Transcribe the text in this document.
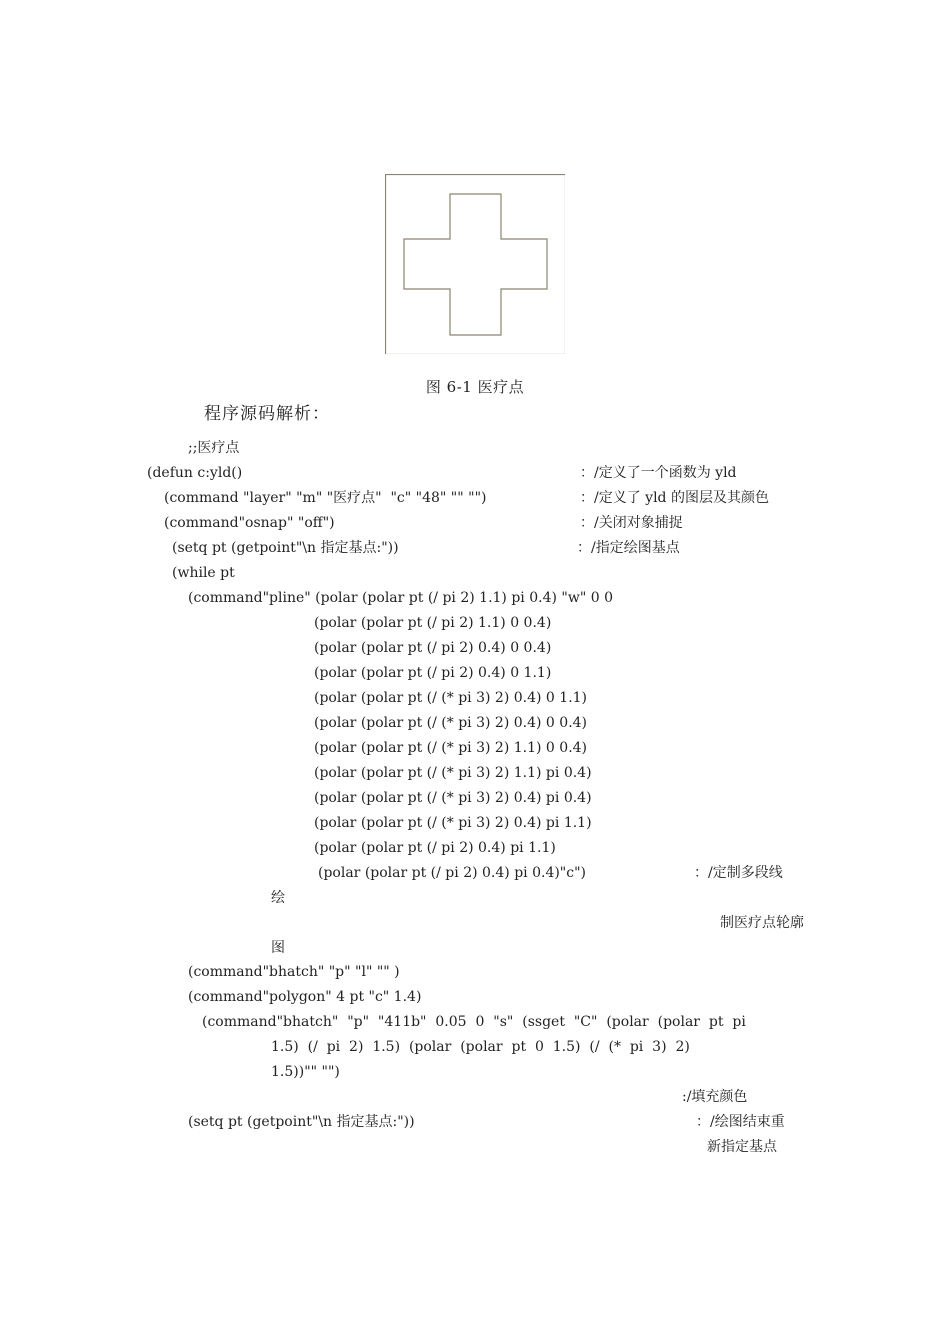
图 6-1 医疗点
程序源码解析：
;;医疗点
(defun c:yld()
(command "layer" "m" "医疗点"  "c" "48" "" "")
(command"osnap" "off")
(setq pt (getpoint"\n 指定基点:"))
(while pt
(command"pline" (polar (polar pt (/ pi 2) 1.1) pi 0.4) "w" 0 0
(polar (polar pt (/ pi 2) 1.1) 0 0.4)
(polar (polar pt (/ pi 2) 0.4) 0 0.4)
(polar (polar pt (/ pi 2) 0.4) 0 1.1)
(polar (polar pt (/ (* pi 3) 2) 0.4) 0 1.1)
(polar (polar pt (/ (* pi 3) 2) 0.4) 0 0.4)
(polar (polar pt (/ (* pi 3) 2) 1.1) 0 0.4)
(polar (polar pt (/ (* pi 3) 2) 1.1) pi 0.4)
(polar (polar pt (/ (* pi 3) 2) 0.4) pi 0.4)
(polar (polar pt (/ (* pi 3) 2) 0.4) pi 1.1)
(polar (polar pt (/ pi 2) 0.4) pi 1.1)
(polar (polar pt (/ pi 2) 0.4) pi 0.4)"c")
绘
图
(command"bhatch" "p" "l" "" )
(command"polygon" 4 pt "c" 1.4)
(command"bhatch"  "p"  "411b"  0.05  0  "s"  (ssget  "C"  (polar  (polar  pt  pi
1.5)  (/  pi  2)  1.5)  (polar  (polar  pt  0  1.5)  (/  (*  pi  3)  2)
1.5))"" "")
(setq pt (getpoint"\n 指定基点:"))
：/定义了一个函数为 yld
：/定义了 yld 的图层及其颜色
：/关闭对象捕捉
：/指定绘图基点
：/定制多段线
制医疗点轮廓
:/填充颜色
：/绘图结束重
新指定基点
